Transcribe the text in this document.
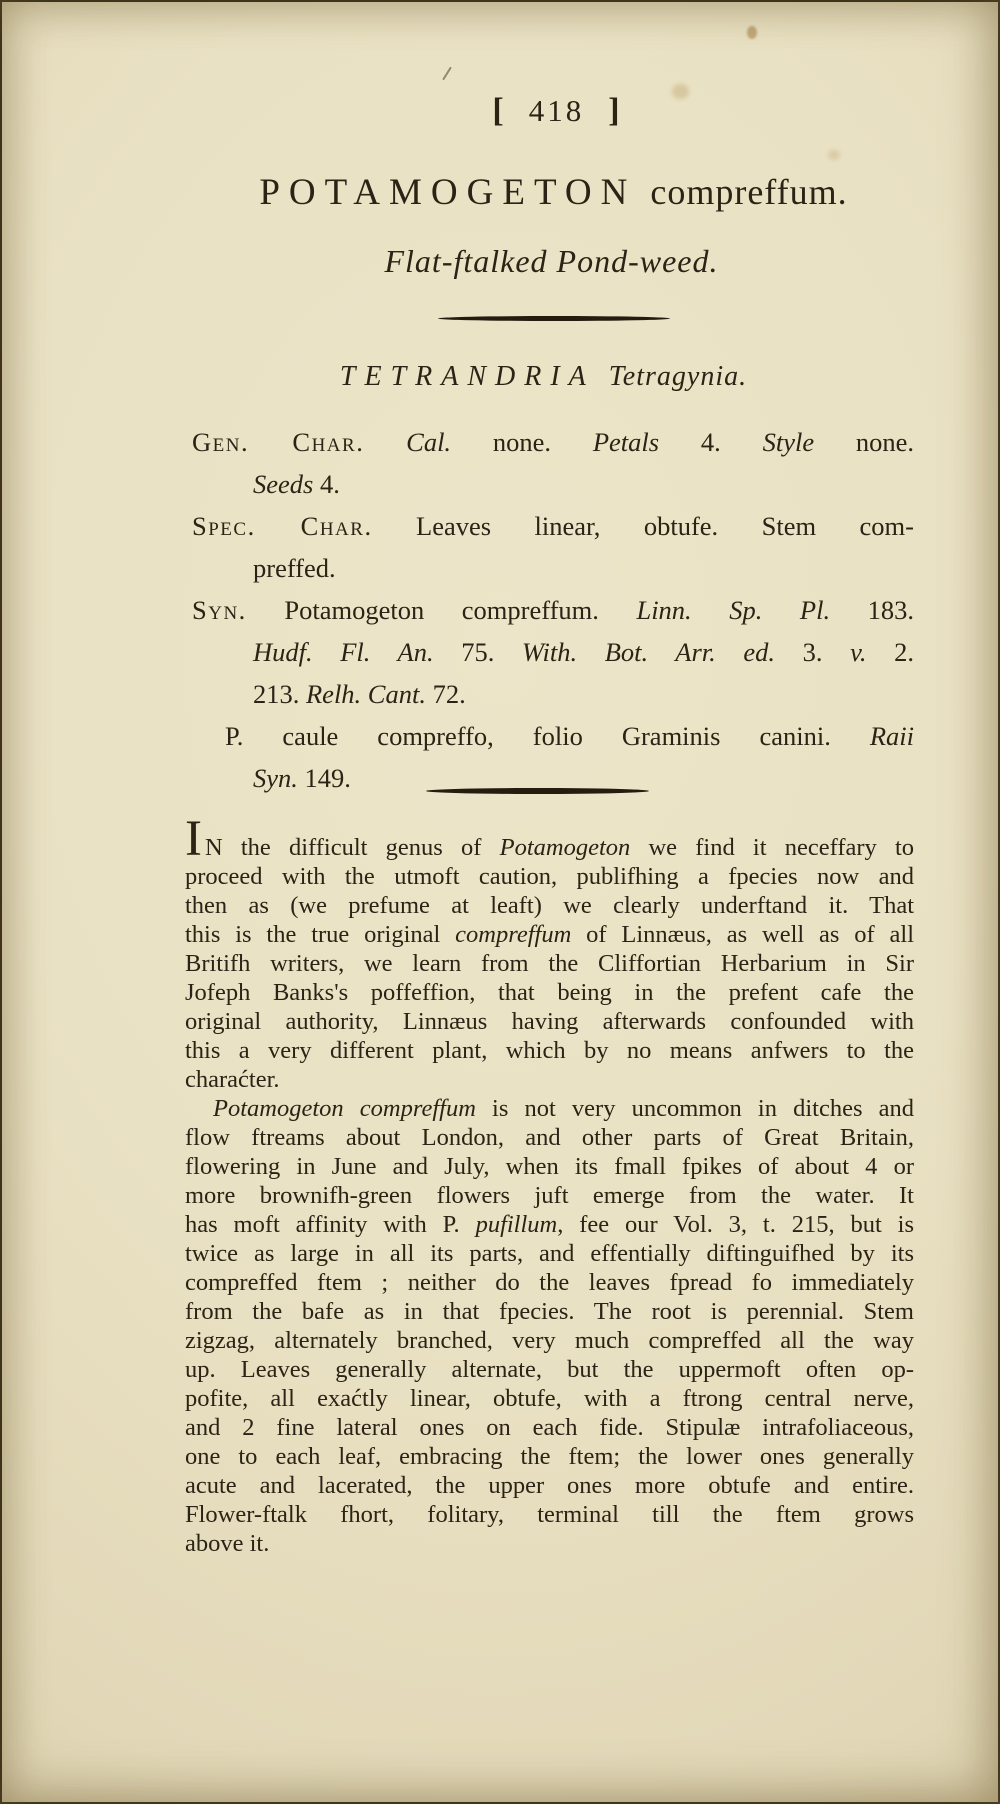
[ 418 ]
POTAMOGETON compreffum.
Flat-ftalked Pond-weed.
TETRANDRIA Tetragynia.
Gen. Char. Cal. none. Petals 4. Style none.
Seeds 4.
Spec. Char. Leaves linear, obtufe. Stem com-
preffed.
Syn. Potamogeton compreffum. Linn. Sp. Pl. 183.
Hudf. Fl. An. 75. With. Bot. Arr. ed. 3. v. 2.
213. Relh. Cant. 72.
P. caule compreffo, folio Graminis canini. Raii
Syn. 149.
IN the difficult genus of Potamogeton we find it neceffary to
proceed with the utmoft caution, publifhing a fpecies now and
then as (we prefume at leaft) we clearly underftand it. That
this is the true original compreffum of Linnæus, as well as of all
Britifh writers, we learn from the Cliffortian Herbarium in Sir
Jofeph Banks's poffeffion, that being in the prefent cafe the
original authority, Linnæus having afterwards confounded with
this a very different plant, which by no means anfwers to the
charaćter.
Potamogeton compreffum is not very uncommon in ditches and
flow ftreams about London, and other parts of Great Britain,
flowering in June and July, when its fmall fpikes of about 4 or
more brownifh-green flowers juft emerge from the water. It
has moft affinity with P. pufillum, fee our Vol. 3, t. 215, but is
twice as large in all its parts, and effentially diftinguifhed by its
compreffed ftem ; neither do the leaves fpread fo immediately
from the bafe as in that fpecies. The root is perennial. Stem
zigzag, alternately branched, very much compreffed all the way
up. Leaves generally alternate, but the uppermoft often op-
pofite, all exaćtly linear, obtufe, with a ftrong central nerve,
and 2 fine lateral ones on each fide. Stipulæ intrafoliaceous,
one to each leaf, embracing the ftem; the lower ones generally
acute and lacerated, the upper ones more obtufe and entire.
Flower-ftalk fhort, folitary, terminal till the ftem grows
above it.
